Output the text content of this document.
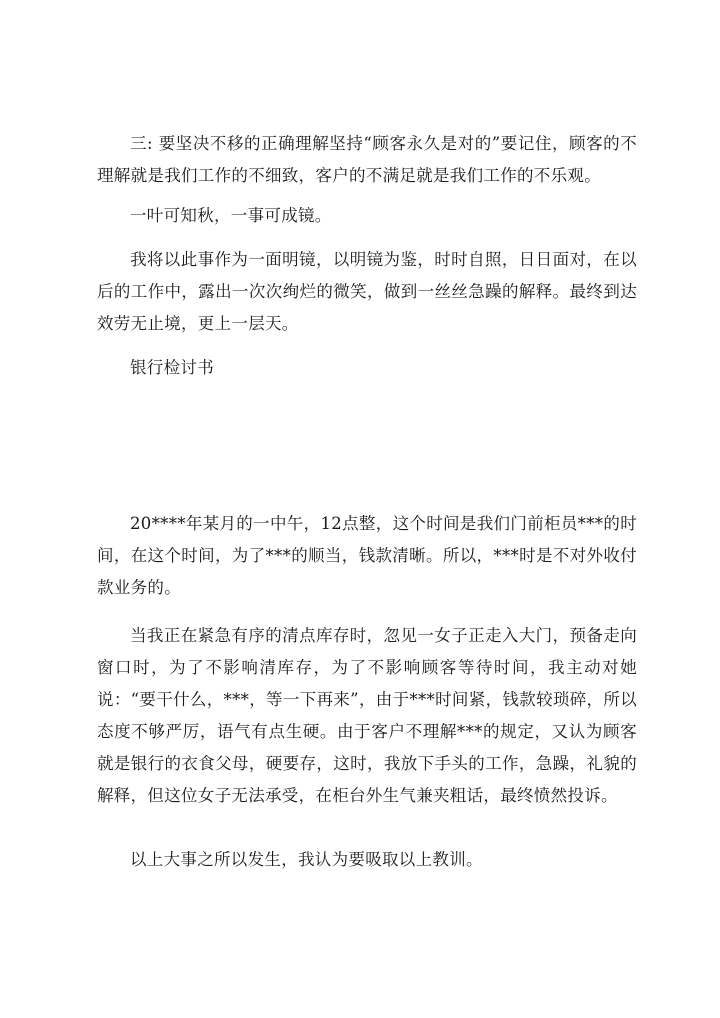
三: 要坚决不移的正确理解坚持“顾客永久是对的”要记住，顾客的不理解就是我们工作的不细致，客户的不满足就是我们工作的不乐观。

一叶可知秋，一事可成镜。

我将以此事作为一面明镜，以明镜为鉴，时时自照，日日面对，在以后的工作中，露出一次次绚烂的微笑，做到一丝丝急躁的解释。最终到达效劳无止境，更上一层天。

银行检讨书

20****年某月的一中午，12点整，这个时间是我们门前柜员***的时间，在这个时间，为了***的顺当，钱款清晰。所以，***时是不对外收付款业务的。

当我正在紧急有序的清点库存时，忽见一女子正走入大门，预备走向窗口时，为了不影响清库存，为了不影响顾客等待时间，我主动对她说：“要干什么，***，等一下再来”，由于***时间紧，钱款较琐碎，所以态度不够严厉，语气有点生硬。由于客户不理解***的规定，又认为顾客就是银行的衣食父母，硬要存，这时，我放下手头的工作，急躁，礼貌的解释，但这位女子无法承受，在柜台外生气兼夹粗话，最终愤然投诉。

以上大事之所以发生，我认为要吸取以上教训。
